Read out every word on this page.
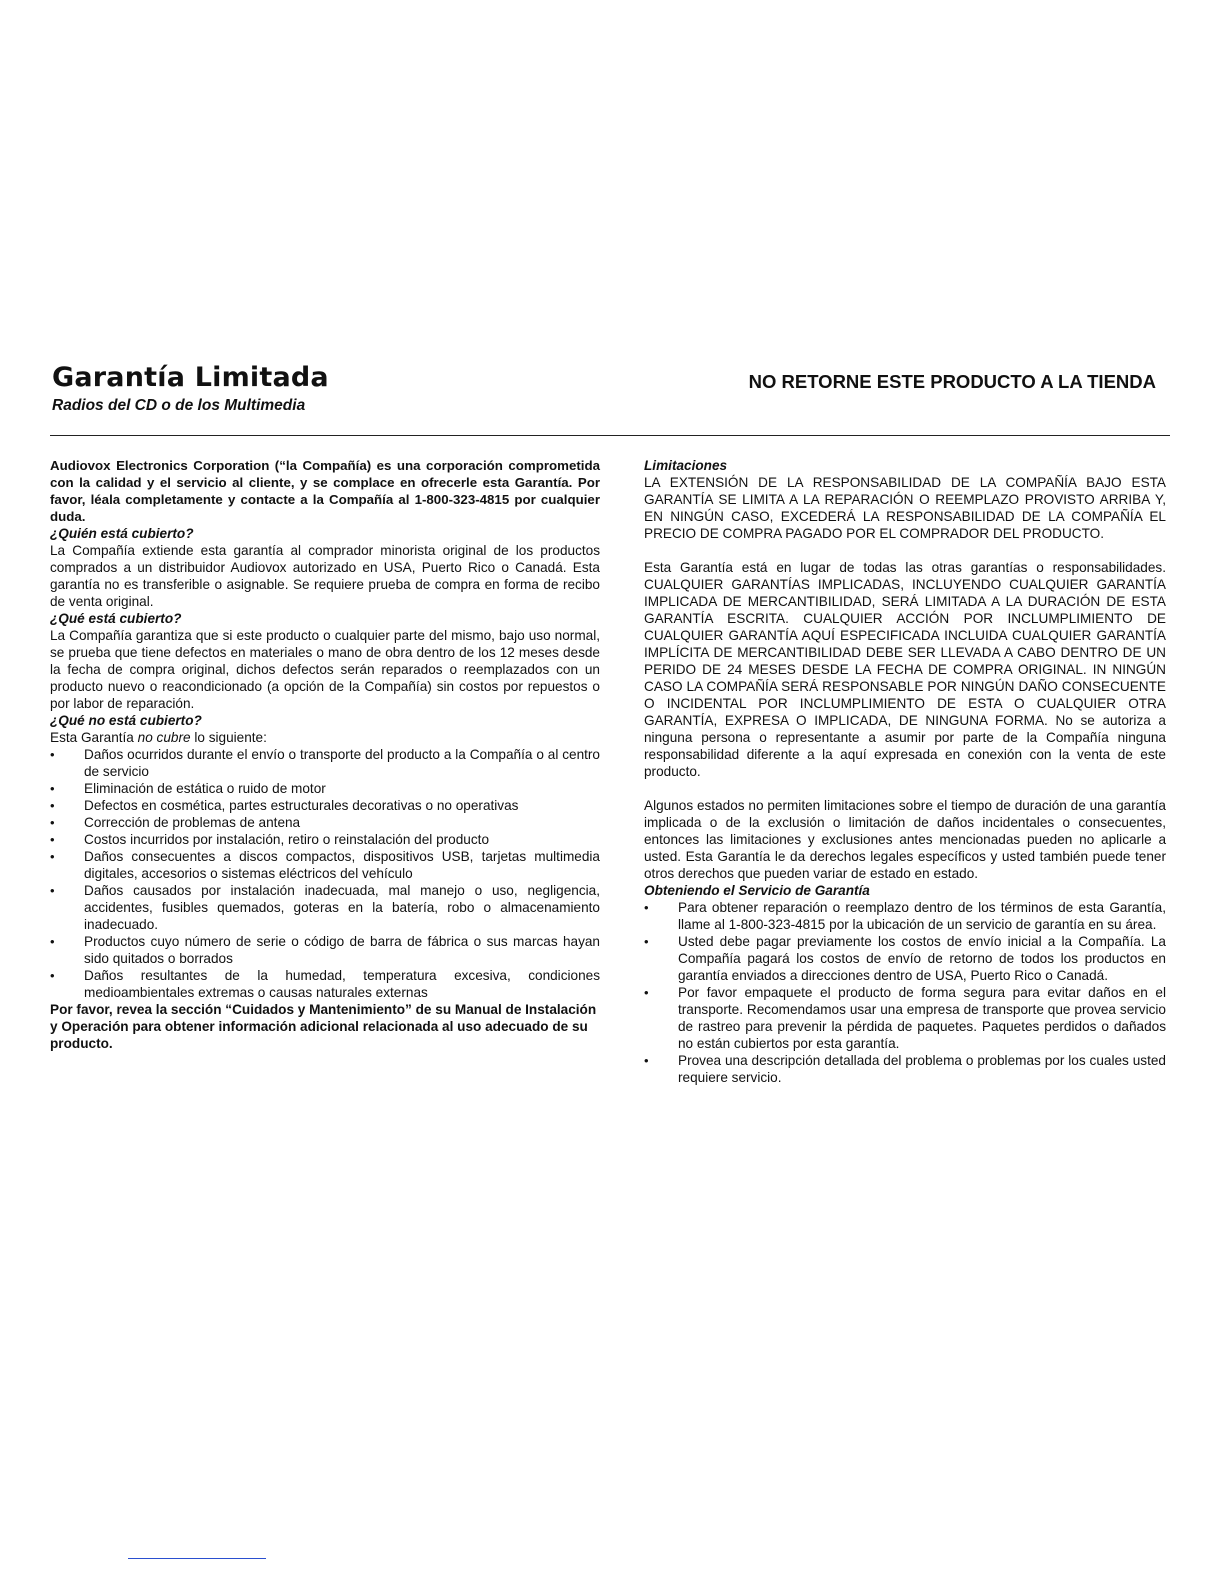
Garantía Limitada
Radios del CD o de los Multimedia
NO RETORNE ESTE PRODUCTO A LA TIENDA

Audiovox Electronics Corporation (“la Compañía) es una corporación comprometida con la calidad y el servicio al cliente, y se complace en ofrecerle esta Garantía. Por favor, léala completamente y contacte a la Compañía al 1-800-323-4815 por cualquier duda.

¿Quién está cubierto?

La Compañía extiende esta garantía al comprador minorista original de los productos comprados a un distribuidor Audiovox autorizado en USA, Puerto Rico o Canadá. Esta garantía no es transferible o asignable. Se requiere prueba de compra en forma de recibo de venta original.

¿Qué está cubierto?

La Compañía garantiza que si este producto o cualquier parte del mismo, bajo uso normal, se prueba que tiene defectos en materiales o mano de obra dentro de los 12 meses desde la fecha de compra original, dichos defectos serán reparados o reemplazados con un producto nuevo o reacondicionado (a opción de la Compañía) sin costos por repuestos o por labor de reparación.

¿Qué no está cubierto?

Esta Garantía no cubre lo siguiente:

• Daños ocurridos durante el envío o transporte del producto a la Compañía o al centro de servicio
• Eliminación de estática o ruido de motor
• Defectos en cosmética, partes estructurales decorativas o no operativas
• Corrección de problemas de antena
• Costos incurridos por instalación, retiro o reinstalación del producto
• Daños consecuentes a discos compactos, dispositivos USB, tarjetas multimedia digitales, accesorios o sistemas eléctricos del vehículo
• Daños causados por instalación inadecuada, mal manejo o uso, negligencia, accidentes, fusibles quemados, goteras en la batería, robo o almacenamiento inadecuado.
• Productos cuyo número de serie o código de barra de fábrica o sus marcas hayan sido quitados o borrados
• Daños resultantes de la humedad, temperatura excesiva, condiciones medioambientales extremas o causas naturales externas

Por favor, revea la sección “Cuidados y Mantenimiento” de su Manual de Instalación y Operación para obtener información adicional relacionada al uso adecuado de su producto.

Limitaciones

LA EXTENSIÓN DE LA RESPONSABILIDAD DE LA COMPAÑÍA BAJO ESTA GARANTÍA SE LIMITA A LA REPARACIÓN O REEMPLAZO PROVISTO ARRIBA Y, EN NINGÚN CASO, EXCEDERÁ LA RESPONSABILIDAD DE LA COMPAÑÍA EL PRECIO DE COMPRA PAGADO POR EL COMPRADOR DEL PRODUCTO.

Esta Garantía está en lugar de todas las otras garantías o responsabilidades. CUALQUIER GARANTÍAS IMPLICADAS, INCLUYENDO CUALQUIER GARANTÍA IMPLICADA DE MERCANTIBILIDAD, SERÁ LIMITADA A LA DURACIÓN DE ESTA GARANTÍA ESCRITA. CUALQUIER ACCIÓN POR INCLUMPLIMIENTO DE CUALQUIER GARANTÍA AQUÍ ESPECIFICADA INCLUIDA CUALQUIER GARANTÍA IMPLÍCITA DE MERCANTIBILIDAD DEBE SER LLEVADA A CABO DENTRO DE UN PERIDO DE 24 MESES DESDE LA FECHA DE COMPRA ORIGINAL. IN NINGÚN CASO LA COMPAÑÍA SERÁ RESPONSABLE POR NINGÚN DAÑO CONSECUENTE O INCIDENTAL POR INCLUMPLIMIENTO DE ESTA O CUALQUIER OTRA GARANTÍA, EXPRESA O IMPLICADA, DE NINGUNA FORMA. No se autoriza a ninguna persona o representante a asumir por parte de la Compañía ninguna responsabilidad diferente a la aquí expresada en conexión con la venta de este producto.

Algunos estados no permiten limitaciones sobre el tiempo de duración de una garantía implicada o de la exclusión o limitación de daños incidentales o consecuentes, entonces las limitaciones y exclusiones antes mencionadas pueden no aplicarle a usted. Esta Garantía le da derechos legales específicos y usted también puede tener otros derechos que pueden variar de estado en estado.

Obteniendo el Servicio de Garantía

• Para obtener reparación o reemplazo dentro de los términos de esta Garantía, llame al 1-800-323-4815 por la ubicación de un servicio de garantía en su área.
• Usted debe pagar previamente los costos de envío inicial a la Compañía. La Compañía pagará los costos de envío de retorno de todos los productos en garantía enviados a direcciones dentro de USA, Puerto Rico o Canadá.
• Por favor empaquete el producto de forma segura para evitar daños en el transporte. Recomendamos usar una empresa de transporte que provea servicio de rastreo para prevenir la pérdida de paquetes. Paquetes perdidos o dañados no están cubiertos por esta garantía.
• Provea una descripción detallada del problema o problemas por los cuales usted requiere servicio.
